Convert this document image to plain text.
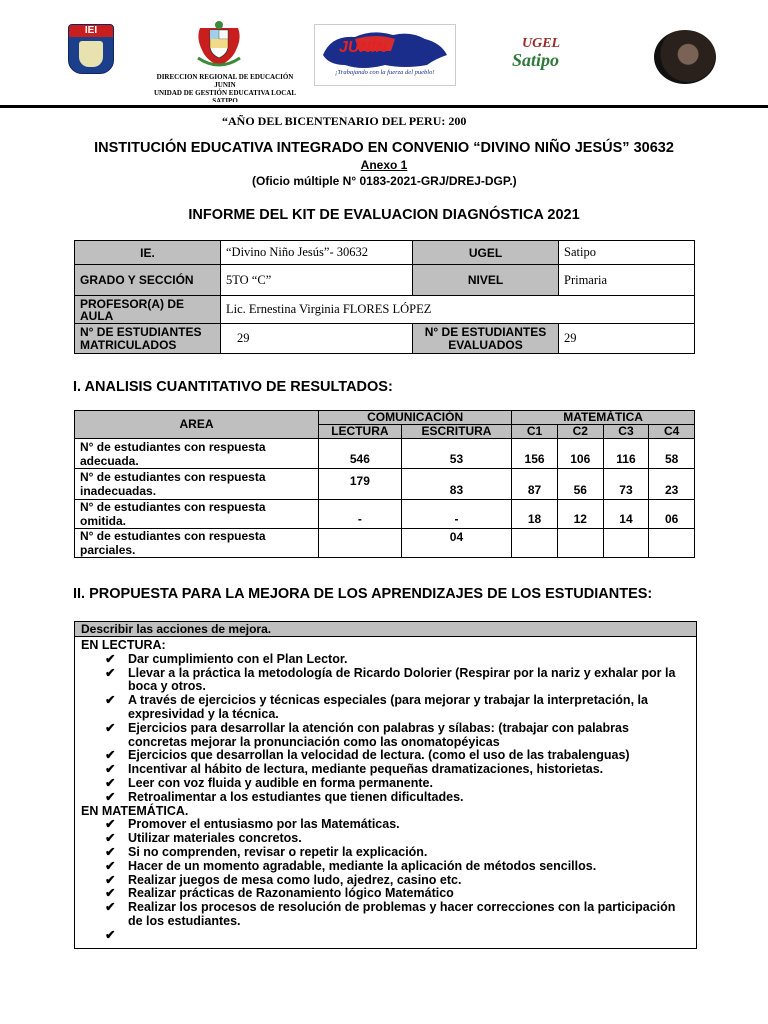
IEI
JUNÍN
¡Trabajando con la fuerza del pueblo!
UGEL
Satipo
DIRECCION REGIONAL DE EDUCACIÓN
JUNIN
UNIDAD DE GESTIÓN EDUCATIVA LOCAL
SATIPO
“AÑO DEL BICENTENARIO DEL PERU: 200
INSTITUCIÓN EDUCATIVA INTEGRADO EN CONVENIO “DIVINO NIÑO JESÚS” 30632
Anexo 1
(Oficio múltiple N° 0183-2021-GRJ/DREJ-DGP.)
INFORME DEL KIT DE EVALUACION DIAGNÓSTICA 2021
IE.	“Divino Niño Jesús”- 30632	UGEL	Satipo
GRADO Y SECCIÓN	5TO “C”	NIVEL	Primaria
PROFESOR(A) DE AULA	Lic. Ernestina Virginia FLORES LÓPEZ		
N° DE ESTUDIANTES MATRICULADOS	29	N° DE ESTUDIANTES EVALUADOS	29
I. ANALISIS CUANTITATIVO DE RESULTADOS:
AREA	COMUNICACIÓN		MATEMÁTICA			
	LECTURA	ESCRITURA	C1	C2	C3	C4
N° de estudiantes con respuesta adecuada.	546	53	156	106	116	58
N° de estudiantes con respuesta inadecuadas.	179	83	87	56	73	23
N° de estudiantes con respuesta omitida.	-	-	18	12	14	06
N° de estudiantes con respuesta parciales.		04				
II. PROPUESTA PARA LA MEJORA DE LOS APRENDIZAJES DE LOS ESTUDIANTES:
Describir las acciones de mejora.
EN LECTURA:
✔ Dar cumplimiento con el Plan Lector.
✔ Llevar a la práctica la metodología de Ricardo Dolorier (Respirar por la nariz y exhalar por la boca y otros.
✔ A través de ejercicios y técnicas especiales (para mejorar y trabajar la interpretación, la expresividad y la técnica.
✔ Ejercicios para desarrollar la atención con palabras y sílabas: (trabajar con palabras concretas mejorar la pronunciación como las onomatopéyicas
✔ Ejercicios que desarrollan la velocidad de lectura. (como el uso de las trabalenguas)
✔ Incentivar al hábito de lectura, mediante pequeñas dramatizaciones, historietas.
✔ Leer con voz fluida y audible en forma permanente.
✔ Retroalimentar a los estudiantes que tienen dificultades.
EN MATEMÁTICA.
✔ Promover el entusiasmo por las Matemáticas.
✔ Utilizar materiales concretos.
✔ Si no comprenden, revisar o repetir la explicación.
✔ Hacer de un momento agradable, mediante la aplicación de métodos sencillos.
✔ Realizar juegos de mesa como ludo, ajedrez, casino etc.
✔ Realizar prácticas de Razonamiento lógico Matemático
✔ Realizar los procesos de resolución de problemas y hacer correcciones con la participación de los estudiantes.
✔
